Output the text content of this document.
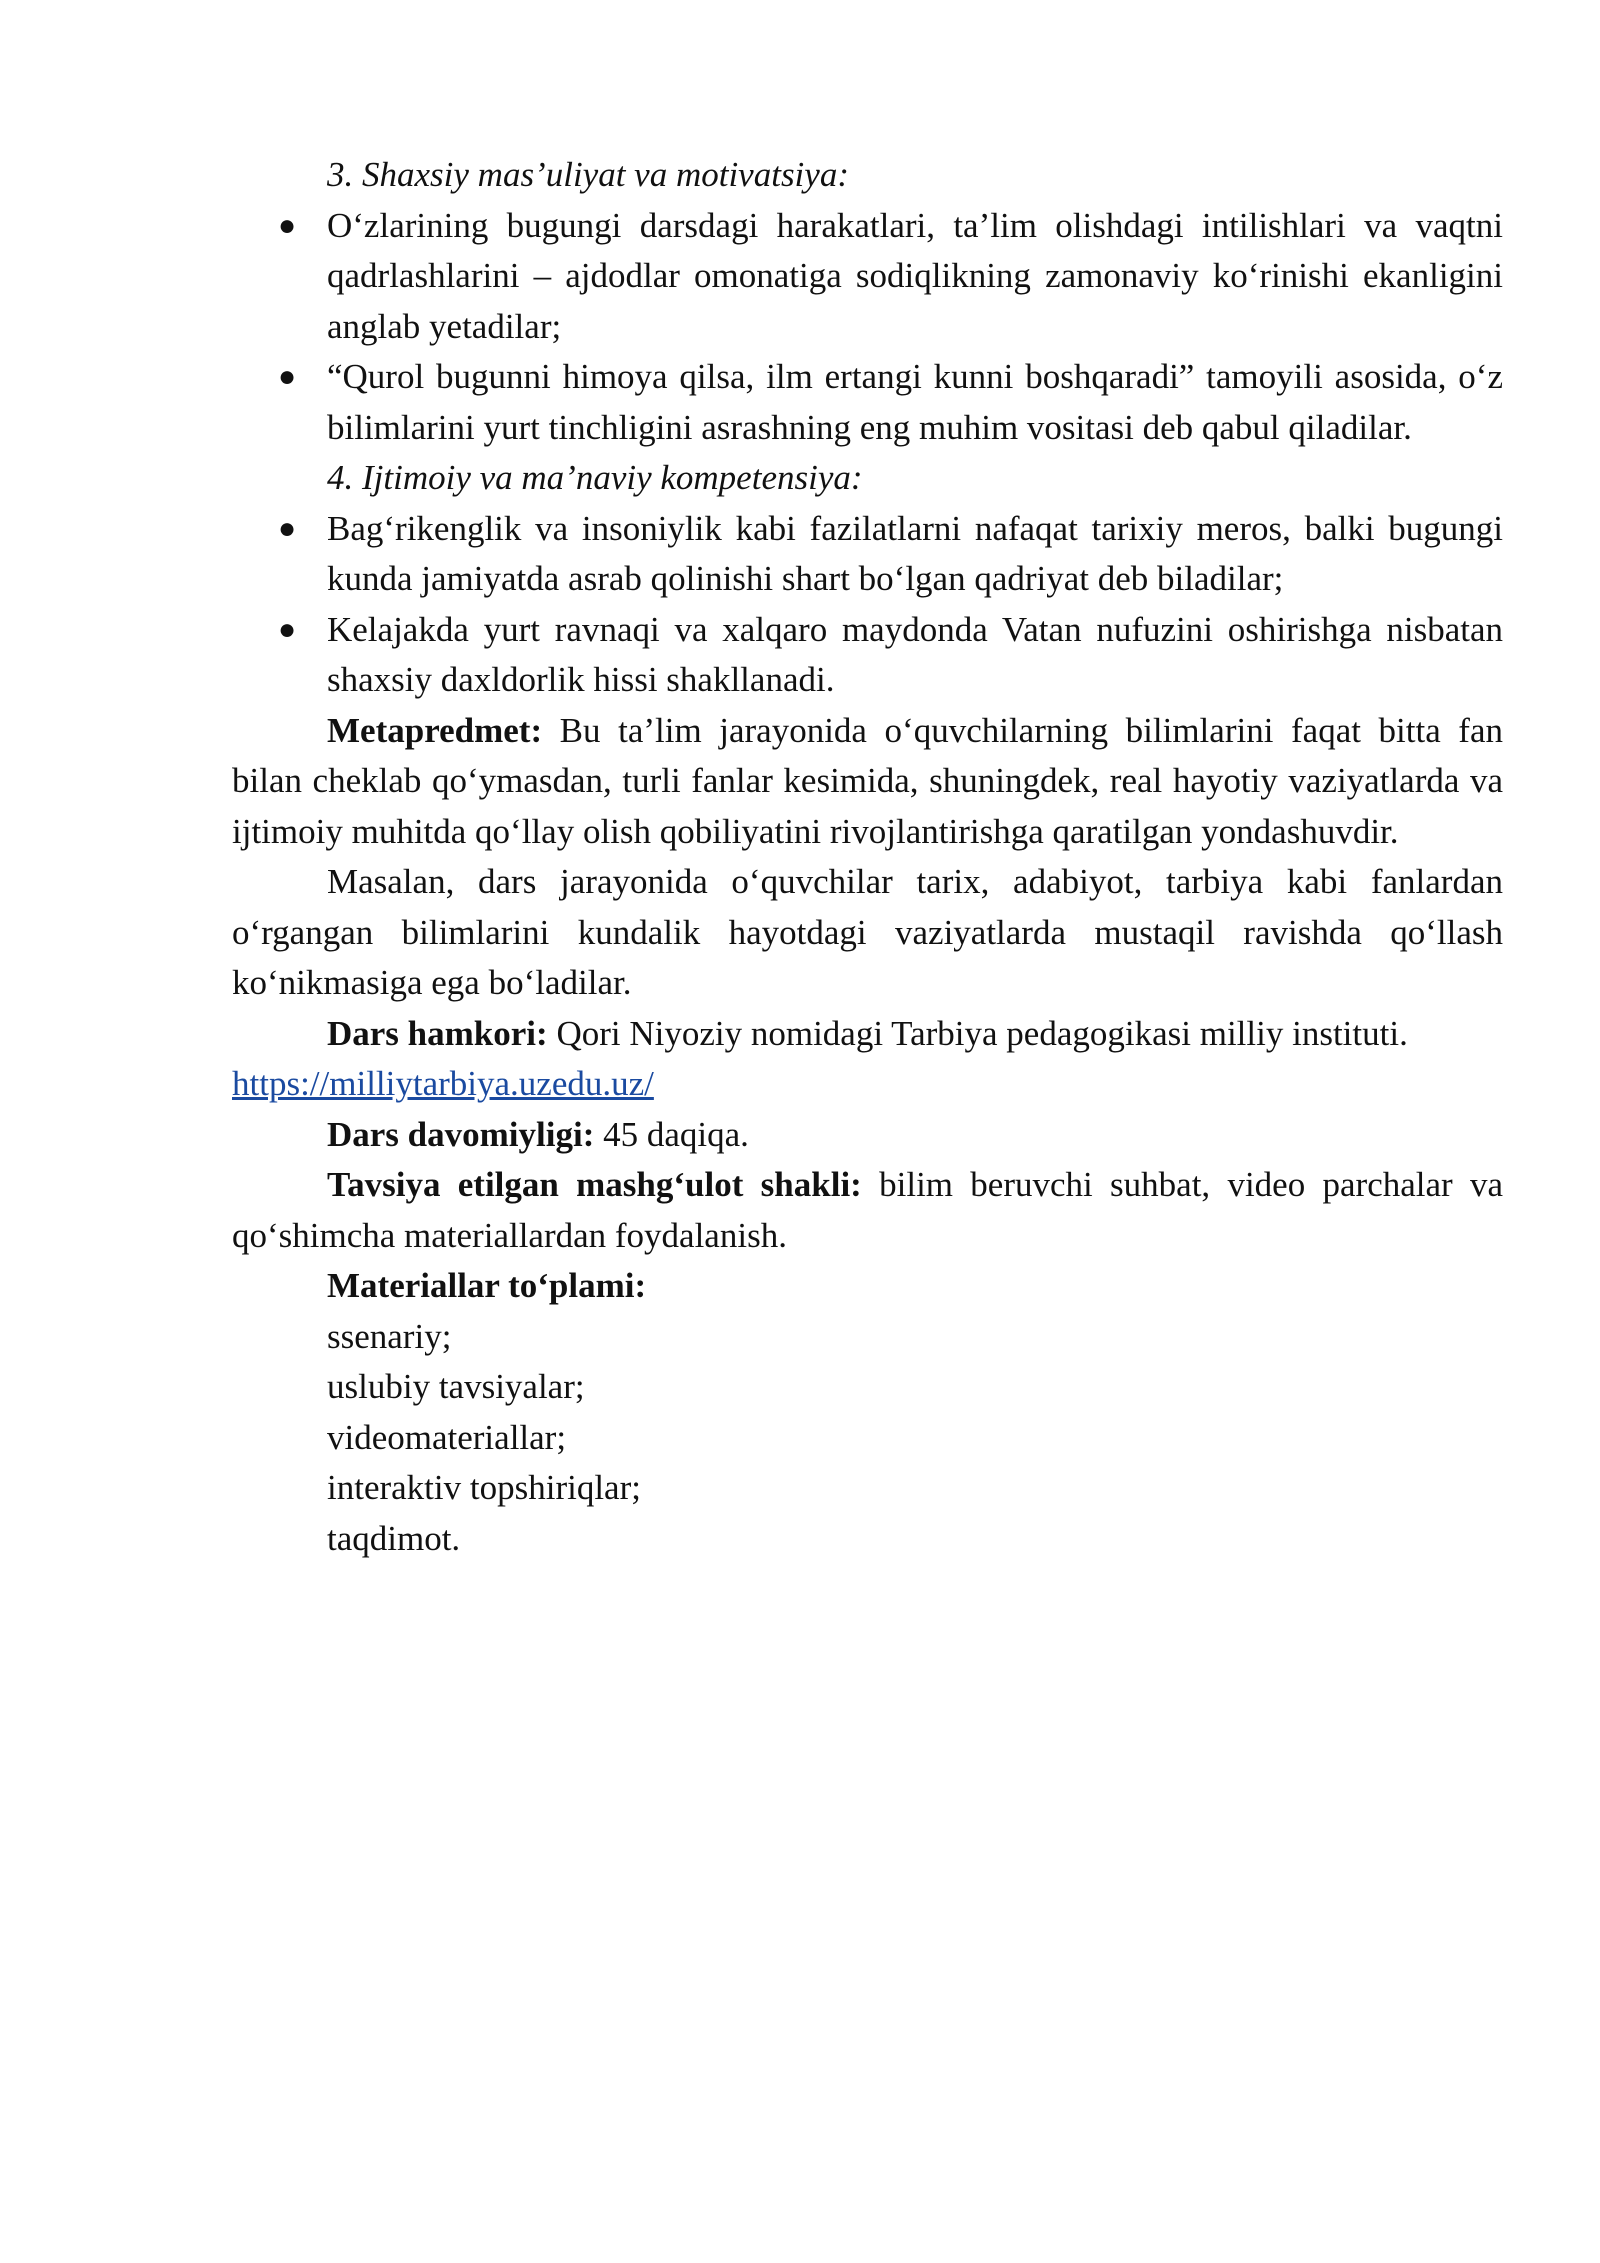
3. Shaxsiy mas’uliyat va motivatsiya:
● O‘zlarining bugungi darsdagi harakatlari, ta’lim olishdagi intilishlari va vaqtni qadrlashlarini – ajdodlar omonatiga sodiqlikning zamonaviy ko‘rinishi ekanligini anglab yetadilar;
● “Qurol bugunni himoya qilsa, ilm ertangi kunni boshqaradi” tamoyili asosida, o‘z bilimlarini yurt tinchligini asrashning eng muhim vositasi deb qabul qiladilar.
4. Ijtimoiy va ma’naviy kompetensiya:
● Bag‘rikenglik va insoniylik kabi fazilatlarni nafaqat tarixiy meros, balki bugungi kunda jamiyatda asrab qolinishi shart bo‘lgan qadriyat deb biladilar;
● Kelajakda yurt ravnaqi va xalqaro maydonda Vatan nufuzini oshirishga nisbatan shaxsiy daxldorlik hissi shakllanadi.

Metapredmet: Bu ta’lim jarayonida o‘quvchilarning bilimlarini faqat bitta fan bilan cheklab qo‘ymasdan, turli fanlar kesimida, shuningdek, real hayotiy vaziyatlarda va ijtimoiy muhitda qo‘llay olish qobiliyatini rivojlantirishga qaratilgan yondashuvdir.

Masalan, dars jarayonida o‘quvchilar tarix, adabiyot, tarbiya kabi fanlardan o‘rgangan bilimlarini kundalik hayotdagi vaziyatlarda mustaqil ravishda qo‘llash ko‘nikmasiga ega bo‘ladilar.

Dars hamkori: Qori Niyoziy nomidagi Tarbiya pedagogikasi milliy instituti.

https://milliytarbiya.uzedu.uz/

Dars davomiyligi: 45 daqiqa.

Tavsiya etilgan mashg‘ulot shakli: bilim beruvchi suhbat, video parchalar va qo‘shimcha materiallardan foydalanish.

Materiallar to‘plami:

ssenariy;
uslubiy tavsiyalar;
videomateriallar;
interaktiv topshiriqlar;
taqdimot.
